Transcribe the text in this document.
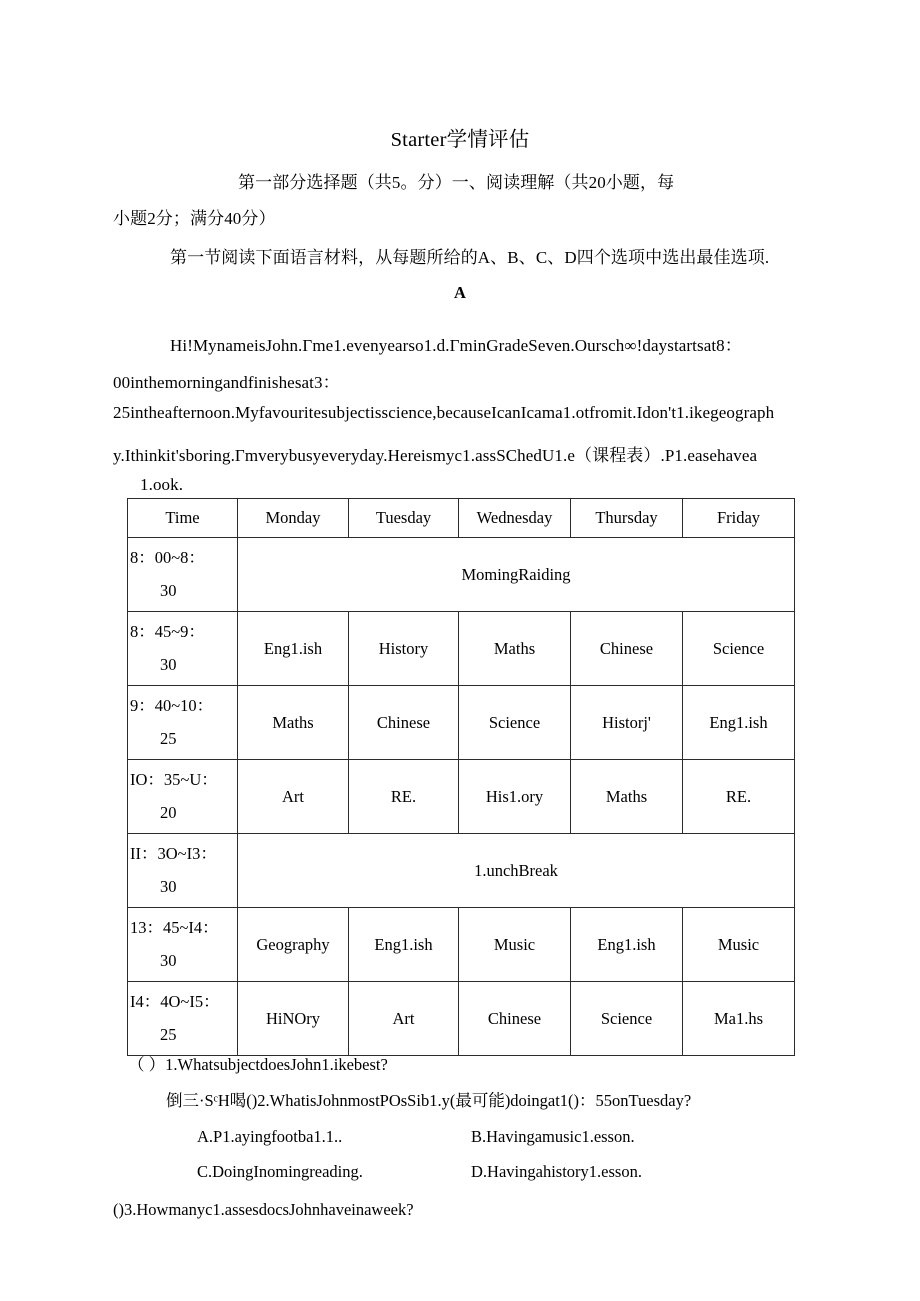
Starter学情评估
第一部分选择题（共5。分）一、阅读理解（共20小题，每
小题2分；满分40分）
第一节阅读下面语言材料，从每题所给的A、B、C、D四个选项中选出最佳选项.
A
Hi!MynameisJohn.Γme1.evenyearso1.d.ΓminGradeSeven.Oursch∞!daystartsat8：
00inthemorningandfinishesat3：
25intheafternoon.Myfavouritesubjectisscience,becauseIcanIcama1.otfromit.Idon't1.ikegeograph
y.Ithinkit'sboring.Γmverybusyeveryday.Hereismyc1.assSChedU1.e（课程表）.P1.easehavea
1.ook.
Time	Monday	Tuesday	Wednesday	Thursday	Friday

8：00~8：
30	MomingRaiding				

8：45~9：
30	Eng1.ish	History	Maths	Chinese	Science

9：40~10：
25	Maths	Chinese	Science	Historj'	Eng1.ish

IO：35~U：
20	Art	RE.	His1.ory	Maths	RE.

II：3O~I3：
30	1.unchBreak				

13：45~I4：
30	Geography	Eng1.ish	Music	Eng1.ish	Music

I4：4O~I5：
25	HiNOry	Art	Chinese	Science	Ma1.hs
（ ）1.WhatsubjectdoesJohn1.ikebest?
倒三·SᶜH喝()2.WhatisJohnmostPOsSib1.y(最可能)doingat1()：55onTuesday?
A.P1.ayingfootba1.1..	B.Havingamusic1.esson.
C.DoingInomingreading.	D.Havingahistory1.esson.
()3.Howmanyc1.assesdocsJohnhaveinaweek?
